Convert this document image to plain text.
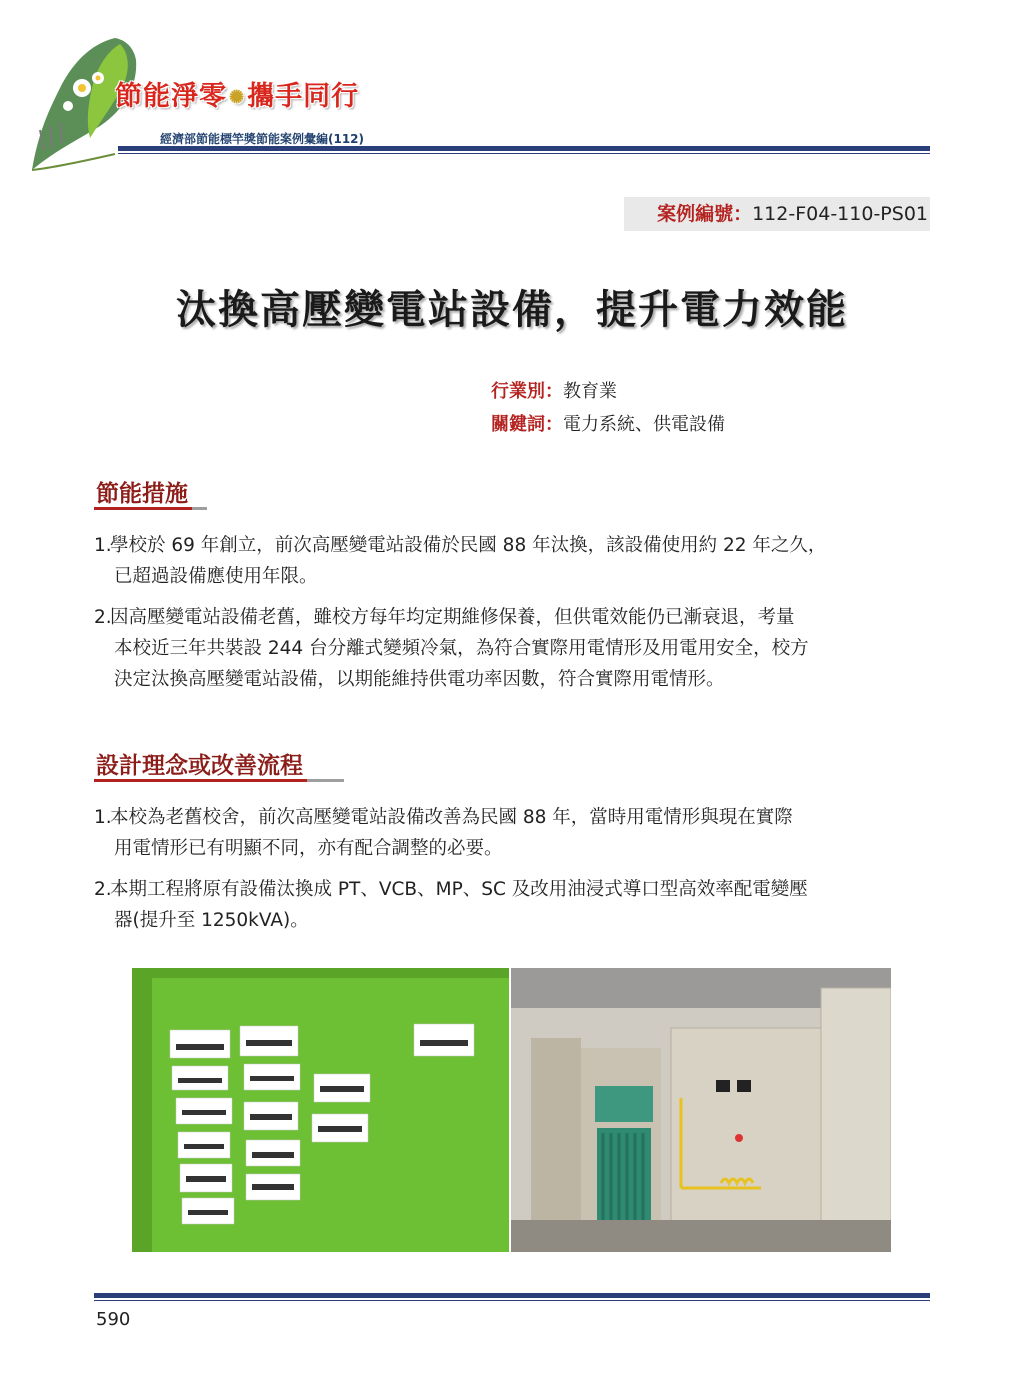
節能淨零 ✺攜手同行
經濟部節能標竿獎節能案例彙編(112)
案例編號：112-F04-110-PS01
汰換高壓變電站設備，提升電力效能
行業別：教育業
關鍵詞：電力系統、供電設備
節能措施
1.學校於 69 年創立，前次高壓變電站設備於民國 88 年汰換，該設備使用約 22 年之久，
已超過設備應使用年限。
2.因高壓變電站設備老舊，雖校方每年均定期維修保養，但供電效能仍已漸衰退，考量
本校近三年共裝設 244 台分離式變頻冷氣，為符合實際用電情形及用電用安全，校方
決定汰換高壓變電站設備，以期能維持供電功率因數，符合實際用電情形。
設計理念或改善流程
1.本校為老舊校舍，前次高壓變電站設備改善為民國 88 年，當時用電情形與現在實際
用電情形已有明顯不同，亦有配合調整的必要。
2.本期工程將原有設備汰換成 PT、VCB、MP、SC 及改用油浸式導口型高效率配電變壓
器(提升至 1250kVA)。
590
